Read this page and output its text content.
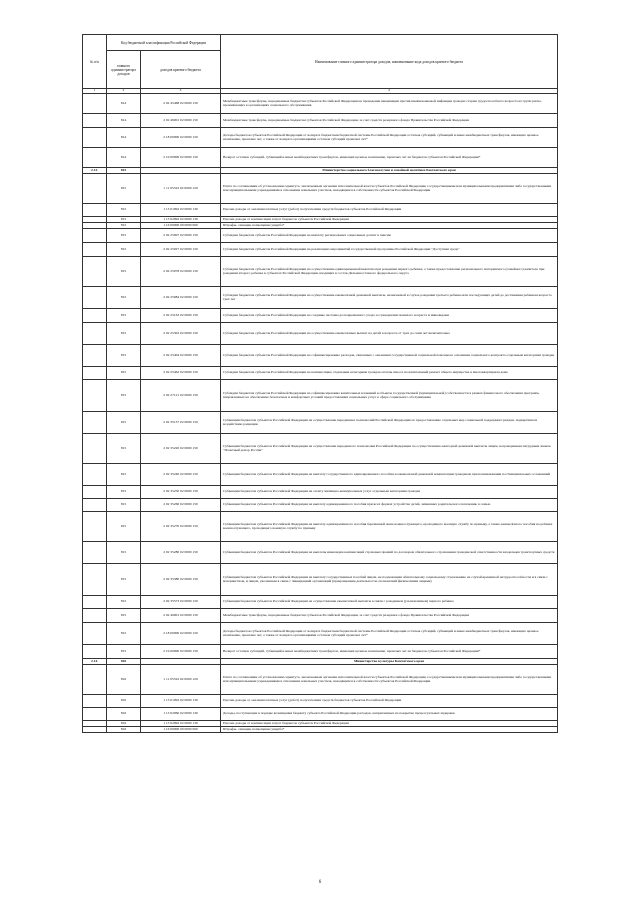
№ п/п	Код бюджетной классификации Российской Федерации		Наименование главного администратора доходов, наименование кода доходов краевого бюджета
	главного администратора доходов	доходов краевого бюджета	
1	2	3	4
	814	2 02 45468 02 0000 150	Межбюджетные трансферты, передаваемые бюджетам субъектов Российской Федерации на проведение вакцинации против пневмококковой инфекции граждан старше трудоспособного возраста из групп риска, проживающих в организациях социального обслуживания
	814	2 02 49001 02 0000 150	Межбюджетные трансферты, передаваемые бюджетам субъектов Российской Федерации, за счет средств резервного фонда Правительства Российской Федерации
	814	2 18 00000 02 0000 150	Доходы бюджетов субъектов Российской Федерации от возврата бюджетами бюджетной системы Российской Федерации остатков субсидий, субвенций и иных межбюджетных трансфертов, имеющих целевое назначение, прошлых лет, а также от возврата организациями остатков субсидий прошлых лет*
	814	2 19 00000 02 0000 150	Возврат остатков субсидий, субвенций и иных межбюджетных трансфертов, имеющих целевое назначение, прошлых лет из бюджетов субъектов Российской Федерации*
2.13.	815		Министерство социального благополучия и семейной политики Камчатского края
	815	1 11 05322 02 0000 120	Плата по соглашениям об установлении сервитута, заключенным органами исполнительной власти субъектов Российской Федерации, государственными или муниципальными предприятиями либо государственными или муниципальными учреждениями в отношении земельных участков, находящихся в собственности субъектов Российской Федерации
	815	1 13 01992 02 0000 130	Прочие доходы от оказания платных услуг (работ) получателями средств бюджетов субъектов Российской Федерации
	815	1 13 02992 02 0000 130	Прочие доходы от компенсации затрат бюджетов субъектов Российской Федерации
	815	1 16 00000 00 0000 000	Штрафы, санкции, возмещение ущерба*
	815	2 02 25007 02 0000 150	Субсидии бюджетам субъектов Российской Федерации на выплату региональных социальных доплат к пенсии
	815	2 02 25027 02 0000 150	Субсидии бюджетам субъектов Российской Федерации на реализацию мероприятий государственной программы Российской Федерации "Доступная среда"
	815	2 02 25078 02 0000 150	Субсидии бюджетам субъектов Российской Федерации на осуществление единовременной выплаты при рождении первого ребенка, а также предоставление регионального материнского (семейного) капитала при рождении второго ребенка в субъектах Российской Федерации, входящих в состав Дальневосточного федерального округа
	815	2 02 25084 02 0000 150	Субсидии бюджетам субъектов Российской Федерации на осуществление ежемесячной денежной выплаты, назначаемой в случае рождения третьего ребенка или последующих детей до достижения ребенком возраста трех лет
	815	2 02 25163 02 0000 150	Субсидии бюджетам субъектов Российской Федерации на создание системы долговременного ухода за гражданами пожилого возраста и инвалидами
	815	2 02 25302 02 0000 150	Субсидии бюджетам субъектов Российской Федерации на осуществление ежемесячных выплат на детей в возрасте от трех до семи лет включительно
	815	2 02 25404 02 0000 150	Субсидии бюджетам субъектов Российской Федерации на софинансирование расходов, связанных с оказанием государственной социальной помощи на основании социального контракта отдельным категориям граждан
	815	2 02 25462 02 0000 150	Субсидии бюджетам субъектов Российской Федерации на компенсацию отдельным категориям граждан оплаты взноса на капитальный ремонт общего имущества в многоквартирном доме
	815	2 02 27121 02 0000 150	Субсидии бюджетам субъектов Российской Федерации на софинансирование капитальных вложений в объекты государственной (муниципальной) собственности в рамках финансового обеспечения программ, направленных на обеспечение безопасных и комфортных условий предоставления социальных услуг в сфере социального обслуживания
	815	2 02 35137 02 0000 150	Субвенции бюджетам субъектов Российской Федерации на осуществление переданных полномочий Российской Федерации по предоставлению отдельных мер социальной поддержки граждан, подвергшихся воздействию радиации
	815	2 02 35220 02 0000 150	Субвенции бюджетам субъектов Российской Федерации на осуществление переданного полномочия Российской Федерации по осуществлению ежегодной денежной выплаты лицам, награжденным нагрудным знаком "Почетный донор России"
	815	2 02 35240 02 0000 150	Субвенции бюджетам субъектов Российской Федерации на выплату государственного единовременного пособия и ежемесячной денежной компенсации гражданам при возникновении поствакцинальных осложнений
	815	2 02 35250 02 0000 150	Субвенции бюджетам субъектов Российской Федерации на оплату жилищно-коммунальных услуг отдельным категориям граждан
	815	2 02 35260 02 0000 150	Субвенции бюджетам субъектов Российской Федерации на выплату единовременного пособия при всех формах устройства детей, лишенных родительского попечения, в семью
	815	2 02 35270 02 0000 150	Субвенции бюджетам субъектов Российской Федерации на выплату единовременного пособия беременной жене военнослужащего, проходящего военную службу по призыву, а также ежемесячного пособия на ребенка военнослужащего, проходящего военную службу по призыву
	815	2 02 35280 02 0000 150	Субвенции бюджетам субъектов Российской Федерации на выплаты инвалидам компенсаций страховых премий по договорам обязательного страхования гражданской ответственности владельцев транспортных средств
	815	2 02 35380 02 0000 150	Субвенции бюджетам субъектов Российской Федерации на выплату государственных пособий лицам, не подлежащим обязательному социальному страхованию на случай временной нетрудоспособности и в связи с материнством, и лицам, уволенным в связи с ликвидацией организаций (прекращением деятельности, полномочий физическими лицами)
	815	2 02 35573 02 0000 150	Субвенции бюджетам субъектов Российской Федерации на осуществление ежемесячной выплаты в связи с рождением (усыновлением) первого ребенка
	815	2 02 49001 02 0000 150	Межбюджетные трансферты, передаваемые бюджетам субъектов Российской Федерации, за счет средств резервного фонда Правительства Российской Федерации
	815	2 18 00000 02 0000 150	Доходы бюджетов субъектов Российской Федерации от возврата бюджетами бюджетной системы Российской Федерации остатков субсидий, субвенций и иных межбюджетных трансфертов, имеющих целевое назначение, прошлых лет, а также от возврата организациями остатков субсидий прошлых лет*
	815	2 19 00000 02 0000 150	Возврат остатков субсидий, субвенций и иных межбюджетных трансфертов, имеющих целевое назначение, прошлых лет из бюджетов субъектов Российской Федерации*
2.14.	816		Министерство культуры Камчатского края
	816	1 11 05322 02 0000 120	Плата по соглашениям об установлении сервитута, заключенным органами исполнительной власти субъектов Российской Федерации, государственными или муниципальными предприятиями либо государственными или муниципальными учреждениями в отношении земельных участков, находящихся в собственности субъектов Российской Федерации
	816	1 13 01992 02 0000 130	Прочие доходы от оказания платных услуг (работ) получателями средств бюджетов субъектов Российской Федерации
	816	1 13 02060 02 0000 130	Доходы, поступающие в порядке возмещения бюджету субъекта Российской Федерации расходов, направленных на покрытие процессуальных издержек
	816	1 13 02992 02 0000 130	Прочие доходы от компенсации затрат бюджетов субъектов Российской Федерации
	816	1 16 00000 00 0000 000	Штрафы, санкции, возмещение ущерба*
6
